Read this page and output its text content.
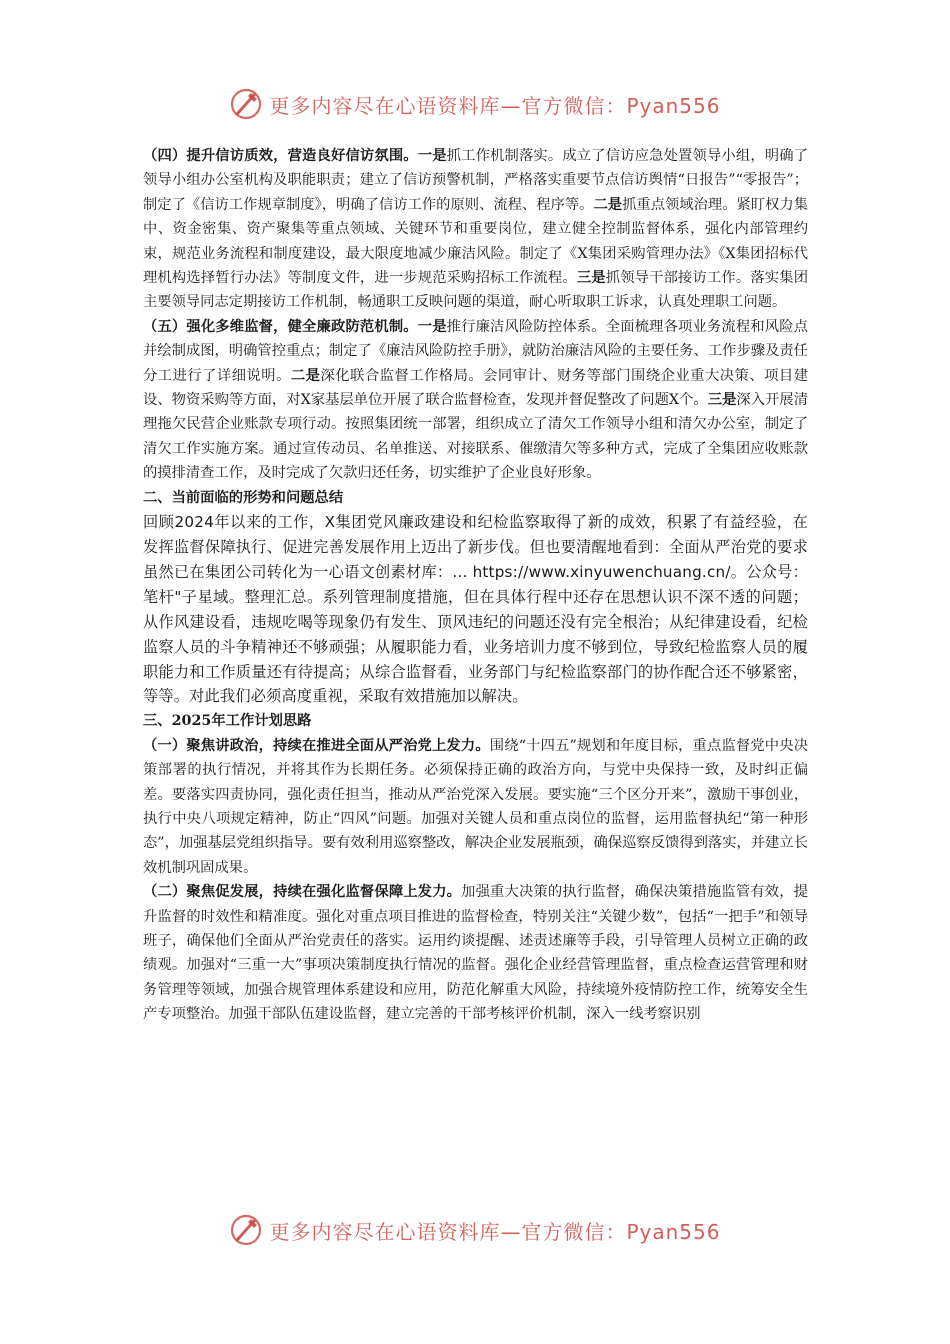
更多内容尽在心语资料库—官方微信：Pyan556

（四）提升信访质效，营造良好信访氛围。一是抓工作机制落实。成立了信访应急处置领导小组，明确了领导小组办公室机构及职能职责；建立了信访预警机制，严格落实重要节点信访舆情“日报告”“零报告”；制定了《信访工作规章制度》，明确了信访工作的原则、流程、程序等。二是抓重点领域治理。紧盯权力集中、资金密集、资产聚集等重点领域、关键环节和重要岗位，建立健全控制监督体系，强化内部管理约束，规范业务流程和制度建设，最大限度地减少廉洁风险。制定了《X集团采购管理办法》《X集团招标代理机构选择暂行办法》等制度文件，进一步规范采购招标工作流程。三是抓领导干部接访工作。落实集团主要领导同志定期接访工作机制，畅通职工反映问题的渠道，耐心听取职工诉求，认真处理职工问题。

（五）强化多维监督，健全廉政防范机制。一是推行廉洁风险防控体系。全面梳理各项业务流程和风险点并绘制成图，明确管控重点；制定了《廉洁风险防控手册》，就防治廉洁风险的主要任务、工作步骤及责任分工进行了详细说明。二是深化联合监督工作格局。会同审计、财务等部门围绕企业重大决策、项目建设、物资采购等方面，对X家基层单位开展了联合监督检查，发现并督促整改了问题X个。三是深入开展清理拖欠民营企业账款专项行动。按照集团统一部署，组织成立了清欠工作领导小组和清欠办公室，制定了清欠工作实施方案。通过宣传动员、名单推送、对接联系、催缴清欠等多种方式，完成了全集团应收账款的摸排清查工作，及时完成了欠款归还任务，切实维护了企业良好形象。

二、当前面临的形势和问题总结

回顾2024年以来的工作，X集团党风廉政建设和纪检监察取得了新的成效，积累了有益经验，在发挥监督保障执行、促进完善发展作用上迈出了新步伐。但也要清醒地看到：全面从严治党的要求虽然已在集团公司转化为一心语文创素材库：... https://www.xinyuwenchuang.cn/。公众号：笔杆"子星域。整理汇总。系列管理制度措施，但在具体行程中还存在思想认识不深不透的问题；从作风建设看，违规吃喝等现象仍有发生、顶风违纪的问题还没有完全根治；从纪律建设看，纪检监察人员的斗争精神还不够顽强；从履职能力看，业务培训力度不够到位，导致纪检监察人员的履职能力和工作质量还有待提高；从综合监督看，业务部门与纪检监察部门的协作配合还不够紧密，等等。对此我们必须高度重视，采取有效措施加以解决。

三、2025年工作计划思路

（一）聚焦讲政治，持续在推进全面从严治党上发力。围绕“十四五”规划和年度目标，重点监督党中央决策部署的执行情况，并将其作为长期任务。必须保持正确的政治方向，与党中央保持一致，及时纠正偏差。要落实四责协同，强化责任担当，推动从严治党深入发展。要实施“三个区分开来”，激励干事创业，执行中央八项规定精神，防止“四风”问题。加强对关键人员和重点岗位的监督，运用监督执纪“第一种形态”，加强基层党组织指导。要有效利用巡察整改，解决企业发展瓶颈，确保巡察反馈得到落实，并建立长效机制巩固成果。

（二）聚焦促发展，持续在强化监督保障上发力。加强重大决策的执行监督，确保决策措施监管有效，提升监督的时效性和精准度。强化对重点项目推进的监督检查，特别关注“关键少数”，包括“一把手”和领导班子，确保他们全面从严治党责任的落实。运用约谈提醒、述责述廉等手段，引导管理人员树立正确的政绩观。加强对“三重一大”事项决策制度执行情况的监督。强化企业经营管理监督，重点检查运营管理和财务管理等领域，加强合规管理体系建设和应用，防范化解重大风险，持续境外疫情防控工作，统筹安全生产专项整治。加强干部队伍建设监督，建立完善的干部考核评价机制，深入一线考察识别

更多内容尽在心语资料库—官方微信：Pyan556
